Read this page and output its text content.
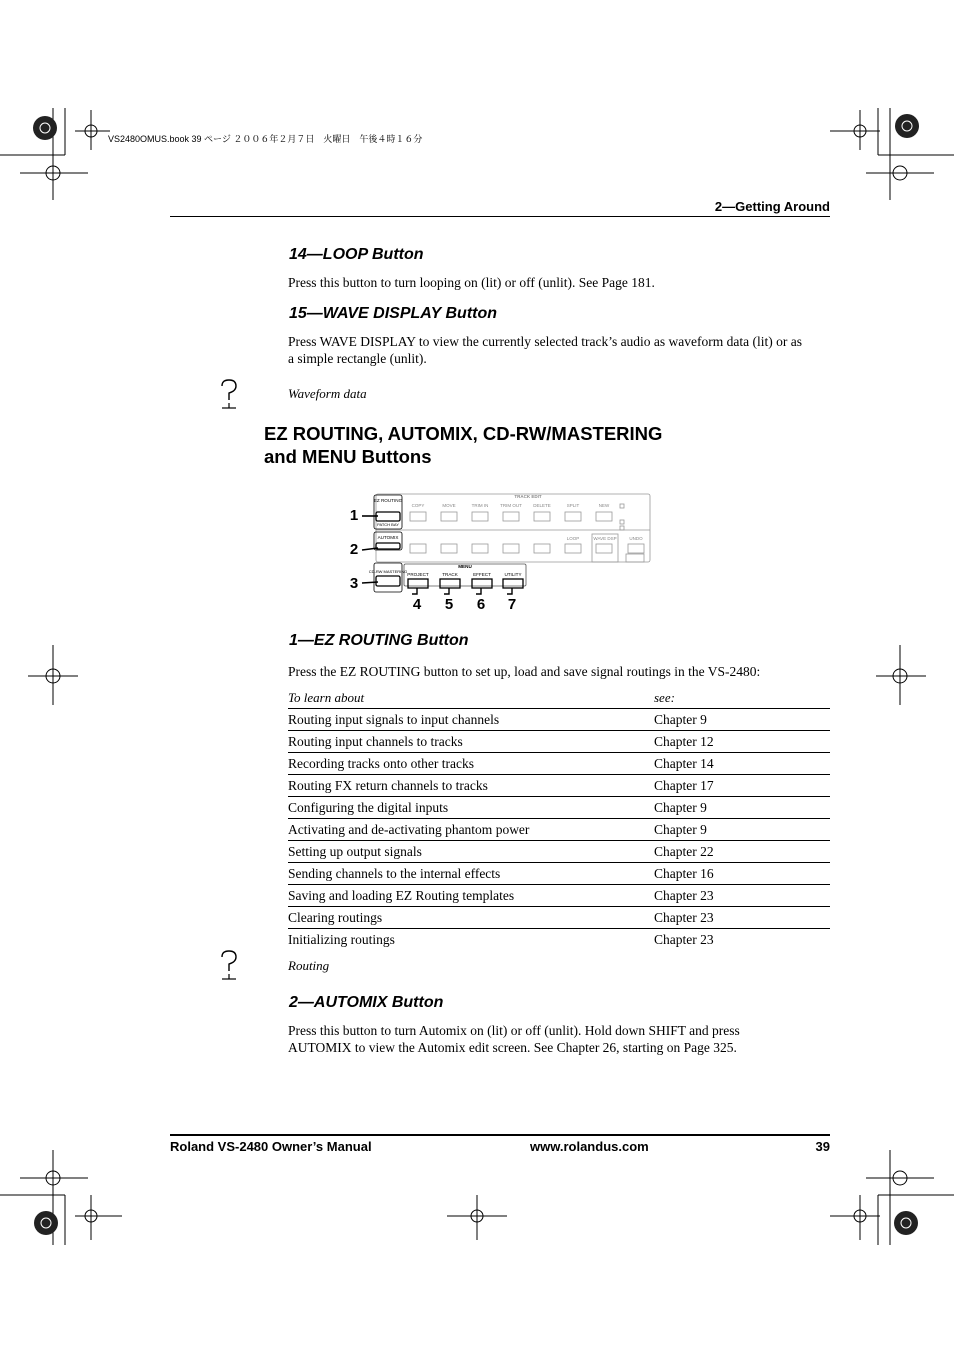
VS2480OMUS.book 39 ページ ２００６年２月７日　火曜日　午後４時１６分
2—Getting Around
14—LOOP Button
Press this button to turn looping on (lit) or off (unlit). See Page 181.
15—WAVE DISPLAY Button
Press WAVE DISPLAY to view the currently selected track’s audio as waveform data (lit) or as a simple rectangle (unlit).
Waveform data
EZ ROUTING, AUTOMIX, CD-RW/MASTERING
and MENU Buttons
TRACK EDIT
COPY	MOVE	TRIM IN	TRIM OUT	DELETE	SPLIT	NEW
LOOP	WAVE DSP	UNDO
EZ ROUTING
PATCH BAY
AUTOMIX
CD-RW MASTERING
MENU
PROJECT	TRACK	EFFECT	UTILITY
1
2
3
4 5 6 7
1—EZ ROUTING Button
Press the EZ ROUTING button to set up, load and save signal routings in the VS-2480:
To learn about	see:
Routing input signals to input channels	Chapter 9
Routing input channels to tracks	Chapter 12
Recording tracks onto other tracks	Chapter 14
Routing FX return channels to tracks	Chapter 17
Configuring the digital inputs	Chapter 9
Activating and de-activating phantom power	Chapter 9
Setting up output signals	Chapter 22
Sending channels to the internal effects	Chapter 16
Saving and loading EZ Routing templates	Chapter 23
Clearing routings	Chapter 23
Initializing routings	Chapter 23
Routing
2—AUTOMIX Button
Press this button to turn Automix on (lit) or off (unlit). Hold down SHIFT and press AUTOMIX to view the Automix edit screen. See Chapter 26, starting on Page 325.
Roland VS-2480 Owner’s Manual	www.rolandus.com	39
